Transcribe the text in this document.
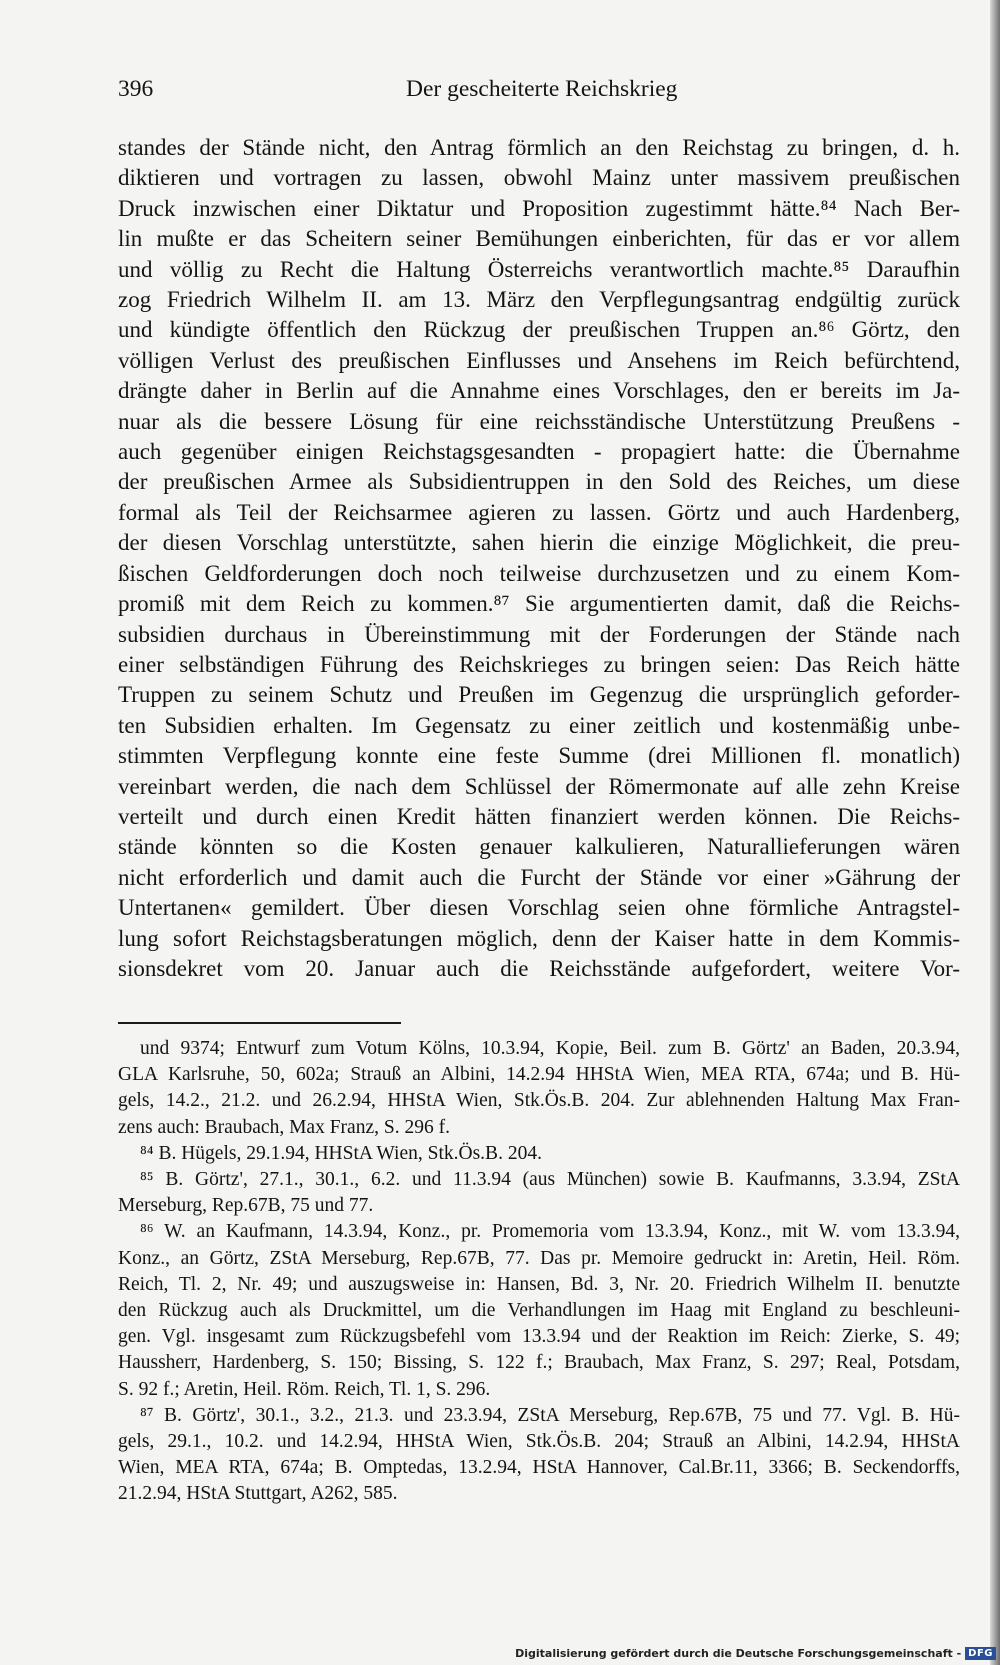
396	Der gescheiterte Reichskrieg
standes der Stände nicht, den Antrag förmlich an den Reichstag zu bringen, d. h.
diktieren und vortragen zu lassen, obwohl Mainz unter massivem preußischen
Druck inzwischen einer Diktatur und Proposition zugestimmt hätte.⁸⁴ Nach Ber-
lin mußte er das Scheitern seiner Bemühungen einberichten, für das er vor allem
und völlig zu Recht die Haltung Österreichs verantwortlich machte.⁸⁵ Daraufhin
zog Friedrich Wilhelm II. am 13. März den Verpflegungsantrag endgültig zurück
und kündigte öffentlich den Rückzug der preußischen Truppen an.⁸⁶ Görtz, den
völligen Verlust des preußischen Einflusses und Ansehens im Reich befürchtend,
drängte daher in Berlin auf die Annahme eines Vorschlages, den er bereits im Ja-
nuar als die bessere Lösung für eine reichsständische Unterstützung Preußens -
auch gegenüber einigen Reichstagsgesandten - propagiert hatte: die Übernahme
der preußischen Armee als Subsidientruppen in den Sold des Reiches, um diese
formal als Teil der Reichsarmee agieren zu lassen. Görtz und auch Hardenberg,
der diesen Vorschlag unterstützte, sahen hierin die einzige Möglichkeit, die preu-
ßischen Geldforderungen doch noch teilweise durchzusetzen und zu einem Kom-
promiß mit dem Reich zu kommen.⁸⁷ Sie argumentierten damit, daß die Reichs-
subsidien durchaus in Übereinstimmung mit der Forderungen der Stände nach
einer selbständigen Führung des Reichskrieges zu bringen seien: Das Reich hätte
Truppen zu seinem Schutz und Preußen im Gegenzug die ursprünglich geforder-
ten Subsidien erhalten. Im Gegensatz zu einer zeitlich und kostenmäßig unbe-
stimmten Verpflegung konnte eine feste Summe (drei Millionen fl. monatlich)
vereinbart werden, die nach dem Schlüssel der Römermonate auf alle zehn Kreise
verteilt und durch einen Kredit hätten finanziert werden können. Die Reichs-
stände könnten so die Kosten genauer kalkulieren, Naturallieferungen wären
nicht erforderlich und damit auch die Furcht der Stände vor einer »Gährung der
Untertanen« gemildert. Über diesen Vorschlag seien ohne förmliche Antragstel-
lung sofort Reichstagsberatungen möglich, denn der Kaiser hatte in dem Kommis-
sionsdekret vom 20. Januar auch die Reichsstände aufgefordert, weitere Vor-
und 9374; Entwurf zum Votum Kölns, 10.3.94, Kopie, Beil. zum B. Görtz' an Baden, 20.3.94,
GLA Karlsruhe, 50, 602a; Strauß an Albini, 14.2.94 HHStA Wien, MEA RTA, 674a; und B. Hü-
gels, 14.2., 21.2. und 26.2.94, HHStA Wien, Stk.Ös.B. 204. Zur ablehnenden Haltung Max Fran-
zens auch: Braubach, Max Franz, S. 296 f.
⁸⁴ B. Hügels, 29.1.94, HHStA Wien, Stk.Ös.B. 204.
⁸⁵ B. Görtz', 27.1., 30.1., 6.2. und 11.3.94 (aus München) sowie B. Kaufmanns, 3.3.94, ZStA
Merseburg, Rep.67B, 75 und 77.
⁸⁶ W. an Kaufmann, 14.3.94, Konz., pr. Promemoria vom 13.3.94, Konz., mit W. vom 13.3.94,
Konz., an Görtz, ZStA Merseburg, Rep.67B, 77. Das pr. Memoire gedruckt in: Aretin, Heil. Röm.
Reich, Tl. 2, Nr. 49; und auszugsweise in: Hansen, Bd. 3, Nr. 20. Friedrich Wilhelm II. benutzte
den Rückzug auch als Druckmittel, um die Verhandlungen im Haag mit England zu beschleuni-
gen. Vgl. insgesamt zum Rückzugsbefehl vom 13.3.94 und der Reaktion im Reich: Zierke, S. 49;
Haussherr, Hardenberg, S. 150; Bissing, S. 122 f.; Braubach, Max Franz, S. 297; Real, Potsdam,
S. 92 f.; Aretin, Heil. Röm. Reich, Tl. 1, S. 296.
⁸⁷ B. Görtz', 30.1., 3.2., 21.3. und 23.3.94, ZStA Merseburg, Rep.67B, 75 und 77. Vgl. B. Hü-
gels, 29.1., 10.2. und 14.2.94, HHStA Wien, Stk.Ös.B. 204; Strauß an Albini, 14.2.94, HHStA
Wien, MEA RTA, 674a; B. Omptedas, 13.2.94, HStA Hannover, Cal.Br.11, 3366; B. Seckendorffs,
21.2.94, HStA Stuttgart, A262, 585.
Digitalisierung gefördert durch die Deutsche Forschungsgemeinschaft - DFG
